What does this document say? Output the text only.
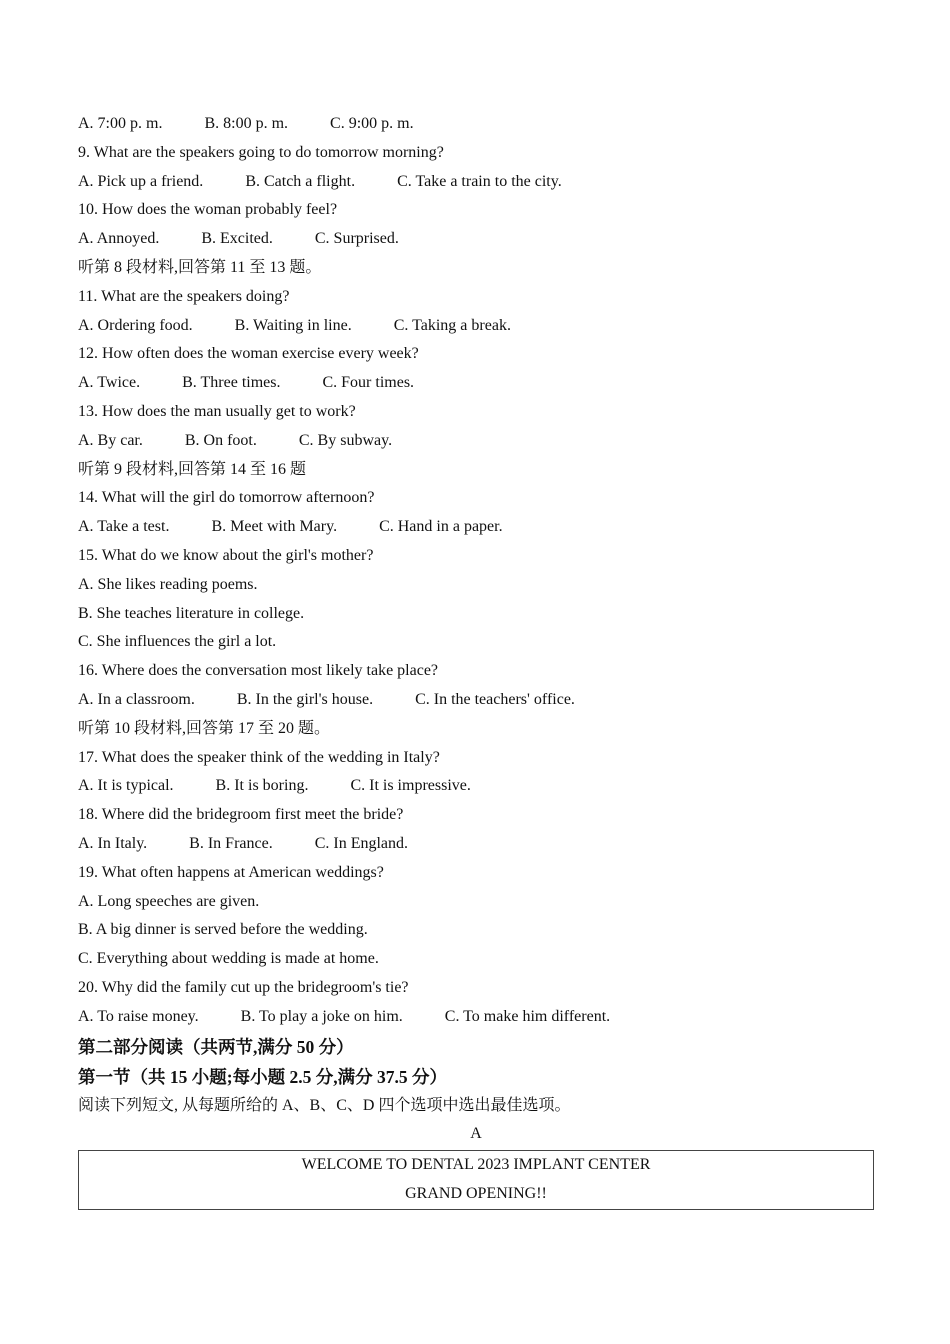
A. 7:00 p. m.	B. 8:00 p. m.	C. 9:00 p. m.
9. What are the speakers going to do tomorrow morning?
A. Pick up a friend.	B. Catch a flight.	C. Take a train to the city.
10. How does the woman probably feel?
A. Annoyed.	B. Excited.	C. Surprised.
听第 8 段材料,回答第 11 至 13 题。
11. What are the speakers doing?
A. Ordering food.	B. Waiting in line.	C. Taking a break.
12. How often does the woman exercise every week?
A. Twice.	B. Three times.	C. Four times.
13. How does the man usually get to work?
A. By car.	B. On foot.	C. By subway.
听第 9 段材料,回答第 14 至 16 题
14. What will the girl do tomorrow afternoon?
A. Take a test.	B. Meet with Mary.	C. Hand in a paper.
15. What do we know about the girl's mother?
A. She likes reading poems.
B. She teaches literature in college.
C. She influences the girl a lot.
16. Where does the conversation most likely take place?
A. In a classroom.	B. In the girl's house.	C. In the teachers' office.
听第 10 段材料,回答第 17 至 20 题。
17. What does the speaker think of the wedding in Italy?
A. It is typical.	B. It is boring.	C. It is impressive.
18. Where did the bridegroom first meet the bride?
A. In Italy.	B. In France.	C. In England.
19. What often happens at American weddings?
A. Long speeches are given.
B. A big dinner is served before the wedding.
C. Everything about wedding is made at home.
20. Why did the family cut up the bridegroom's tie?
A. To raise money.	B. To play a joke on him.	C. To make him different.
第二部分阅读（共两节,满分 50 分）
第一节（共 15 小题;每小题 2.5 分,满分 37.5 分）
阅读下列短文, 从每题所给的 A、B、C、D 四个选项中选出最佳选项。
A
WELCOME TO DENTAL 2023 IMPLANT CENTER
GRAND OPENING!!
